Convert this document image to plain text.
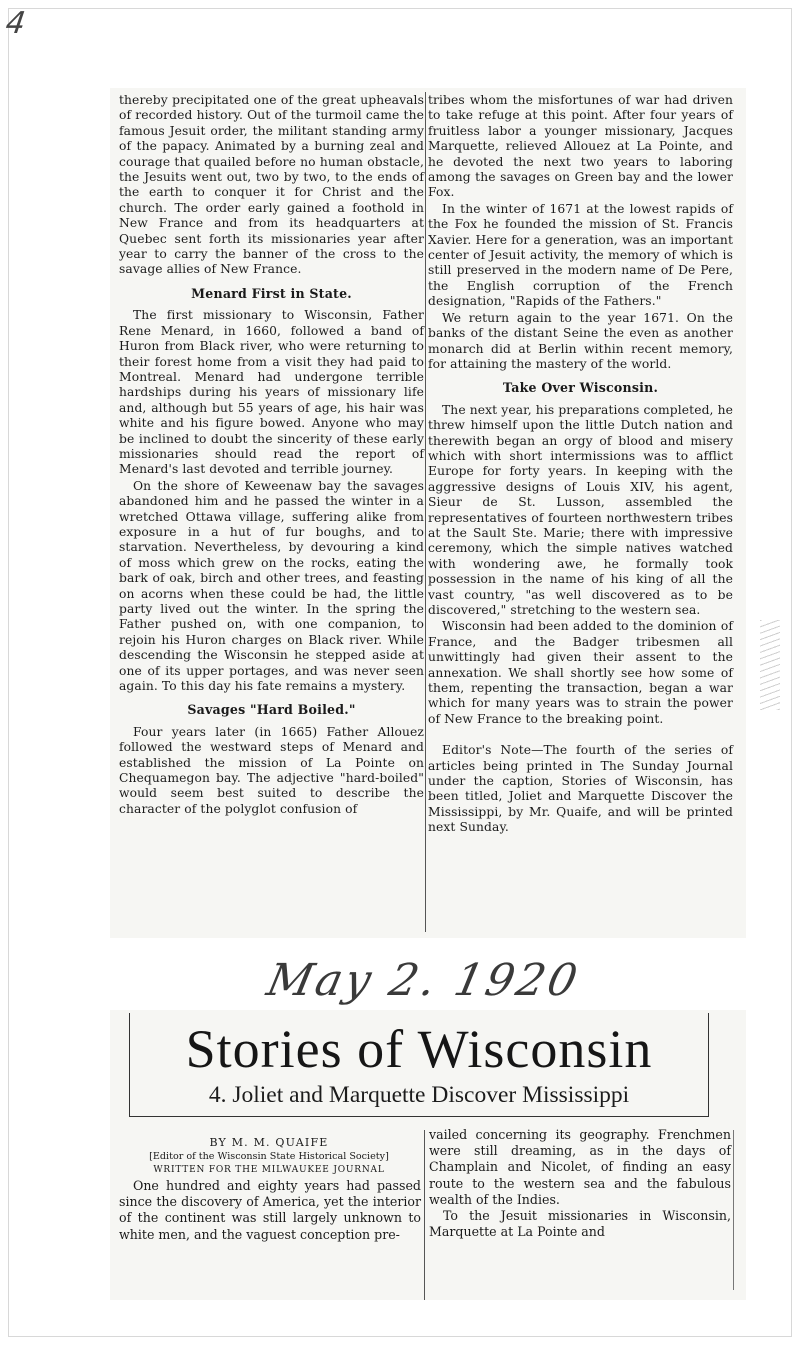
4

thereby precipitated one of the great upheavals of recorded history. Out of the turmoil came the famous Jesuit order, the militant standing army of the papacy. Animated by a burning zeal and courage that quailed before no human obstacle, the Jesuits went out, two by two, to the ends of the earth to conquer it for Christ and the church. The order early gained a foothold in New France and from its headquarters at Quebec sent forth its missionaries year after year to carry the banner of the cross to the savage allies of New France.

Menard First in State.

The first missionary to Wisconsin, Father Rene Menard, in 1660, followed a band of Huron from Black river, who were returning to their forest home from a visit they had paid to Montreal. Menard had undergone terrible hardships during his years of missionary life and, although but 55 years of age, his hair was white and his figure bowed. Anyone who may be inclined to doubt the sincerity of these early missionaries should read the report of Menard's last devoted and terrible journey.

On the shore of Keweenaw bay the savages abandoned him and he passed the winter in a wretched Ottawa village, suffering alike from exposure in a hut of fur boughs, and to starvation. Nevertheless, by devouring a kind of moss which grew on the rocks, eating the bark of oak, birch and other trees, and feasting on acorns when these could be had, the little party lived out the winter. In the spring the Father pushed on, with one companion, to rejoin his Huron charges on Black river. While descending the Wisconsin he stepped aside at one of its upper portages, and was never seen again. To this day his fate remains a mystery.

Savages "Hard Boiled."

Four years later (in 1665) Father Allouez followed the westward steps of Menard and established the mission of La Pointe on Chequamegon bay. The adjective "hard-boiled" would seem best suited to describe the character of the polyglot confusion of

tribes whom the misfortunes of war had driven to take refuge at this point. After four years of fruitless labor a younger missionary, Jacques Marquette, relieved Allouez at La Pointe, and he devoted the next two years to laboring among the savages on Green bay and the lower Fox.

In the winter of 1671 at the lowest rapids of the Fox he founded the mission of St. Francis Xavier. Here for a generation, was an important center of Jesuit activity, the memory of which is still preserved in the modern name of De Pere, the English corruption of the French designation, "Rapids of the Fathers."

We return again to the year 1671. On the banks of the distant Seine the even as another monarch did at Berlin within recent memory, for attaining the mastery of the world.

Take Over Wisconsin.

The next year, his preparations completed, he threw himself upon the little Dutch nation and therewith began an orgy of blood and misery which with short intermissions was to afflict Europe for forty years. In keeping with the aggressive designs of Louis XIV, his agent, Sieur de St. Lusson, assembled the representatives of fourteen northwestern tribes at the Sault Ste. Marie; there with impressive ceremony, which the simple natives watched with wondering awe, he formally took possession in the name of his king of all the vast country, "as well discovered as to be discovered," stretching to the western sea.

Wisconsin had been added to the dominion of France, and the Badger tribesmen all unwittingly had given their assent to the annexation. We shall shortly see how some of them, repenting the transaction, began a war which for many years was to strain the power of New France to the breaking point.

Editor's Note—The fourth of the series of articles being printed in The Sunday Journal under the caption, Stories of Wisconsin, has been titled, Joliet and Marquette Discover the Mississippi, by Mr. Quaife, and will be printed next Sunday.

May 2. 1920
Stories of Wisconsin
4. Joliet and Marquette Discover Mississippi
BY M. M. QUAIFE
[Editor of the Wisconsin State Historical Society]
WRITTEN FOR THE MILWAUKEE JOURNAL

One hundred and eighty years had passed since the discovery of America, yet the interior of the continent was still largely unknown to white men, and the vaguest conception pre-

vailed concerning its geography. Frenchmen were still dreaming, as in the days of Champlain and Nicolet, of finding an easy route to the western sea and the fabulous wealth of the Indies.

To the Jesuit missionaries in Wisconsin, Marquette at La Pointe and
